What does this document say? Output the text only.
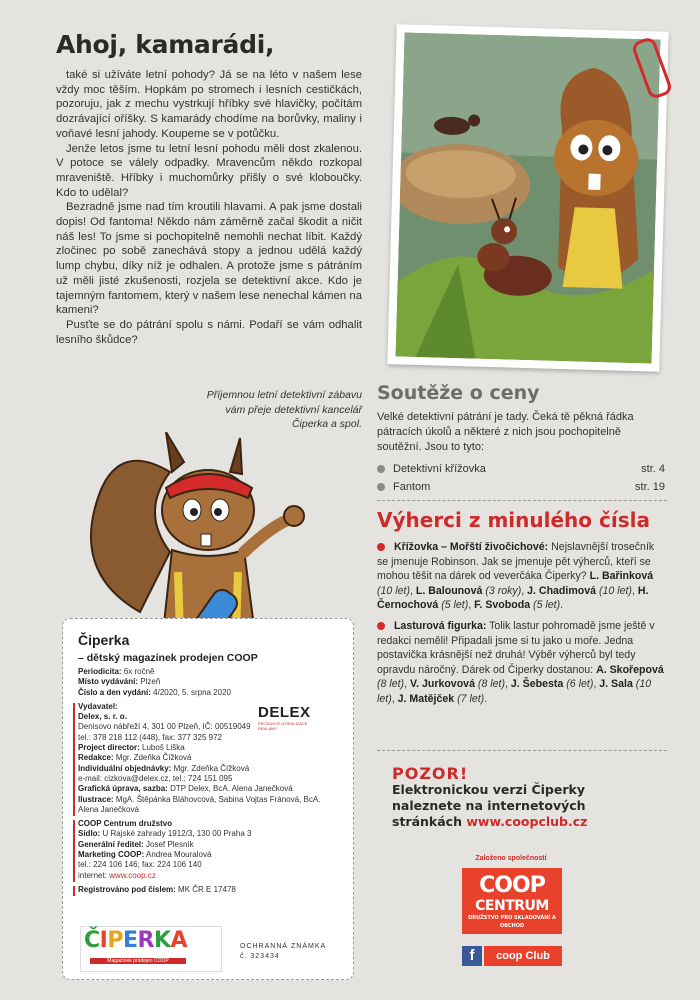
Ahoj, kamarádi,

také si užíváte letní pohody? Já se na léto v našem lese vždy moc těším. Hopkám po stromech i lesních cestičkách, pozoruju, jak z mechu vystrkují hříbky své hlavičky, počítám dozrávající oříšky. S kamarády chodíme na borůvky, maliny i voňavé lesní jahody. Koupeme se v potůčku.

Jenže letos jsme tu letní lesní pohodu měli dost zkalenou. V potoce se válely odpadky. Mravencům někdo rozkopal mraveniště. Hříbky i muchomůrky přišly o své kloboučky. Kdo to udělal?

Bezradně jsme nad tím kroutili hlavami. A pak jsme dostali dopis! Od fantoma! Někdo nám záměrně začal škodit a ničit náš les! To jsme si pochopitelně nemohli nechat líbit. Každý zločinec po sobě zanechává stopy a jednou udělá každý lump chybu, díky níž je odhalen. A protože jsme s pátráním už měli jisté zkušenosti, rozjela se detektivní akce. Kdo je tajemným fantomem, který v našem lese nenechal kámen na kameni?

Pusťte se do pátrání spolu s námi. Podaří se vám odhalit lesního škůdce?

Příjemnou letní detektivní zábavu
vám přeje detektivní kancelář
Čiperka a spol.
Soutěže o ceny
Velké detektivní pátrání je tady. Čeká tě pěkná řádka pátracích úkolů a některé z nich jsou pochopitelně soutěžní. Jsou to tyto:
Detektivní křížovka	str. 4
Fantom	str. 19
Výherci z minulého čísla

Křížovka – Mořští živočichové: Nejslavnější trosečník se jmenuje Robinson. Jak se jmenuje pět výherců, kteří se mohou těšit na dárek od veverčáka Čiperky? L. Bařinková (10 let), L. Balounová (3 roky), J. Chadimová (10 let), H. Černochová (5 let), F. Svoboda (5 let).

Lasturová figurka: Tolik lastur pohromadě jsme ještě v redakci neměli! Připadali jsme si tu jako u moře. Jedna postavička krásnější než druhá! Výběr výherců byl tedy opravdu náročný. Dárek od Čiperky dostanou: A. Skořepová (8 let), V. Jurkovová (8 let), J. Šebesta (6 let), J. Sala (10 let), J. Matějček (7 let).

POZOR!
Elektronickou verzi Čiperky naleznete na internetových stránkách www.coopclub.cz
Založeno společností
COOP
CENTRUM
DRUŽSTVO PRO SKLADOVÁNÍ A OBCHOD
f	coop Club
Čiperka
– dětský magazínek prodejen COOP
Periodicita: 6x ročně
Místo vydávání: Plzeň
Číslo a den vydání: 4/2020, 5. srpna 2020
Vydavatel:
Delex, s. r. o.
Denisovo nábřeží 4, 301 00 Plzeň, IČ: 00519049
tel.: 378 218 112 (448), fax: 377 325 972
Project director: Luboš Liška
Redakce: Mgr. Zdeňka Čížková
Individuální objednávky: Mgr. Zdeňka Čížková
e-mail: cizkova@delex.cz, tel.: 724 151 095
Grafická úprava, sazba: DTP Delex, BcA. Alena Janečková
Ilustrace: MgA. Štěpánka Bláhovcová, Sabina Vojtas Fránová, BcA. Alena Janečková
COOP Centrum družstvo
Sídlo: U Rajské zahrady 1912/3, 130 00 Praha 3
Generální ředitel: Josef Plesník
Marketing COOP: Andrea Mouralová
tel.: 224 106 146; fax: 224 106 140
internet: www.coop.cz
Registrováno pod číslem: MK ČR E 17478
DELEX
PRODUKCE A REALIZACE REKLAMY
ČIPERKA
Magazínek prodejen COOP
OCHRANNÁ ZNÁMKA
č. 323434
